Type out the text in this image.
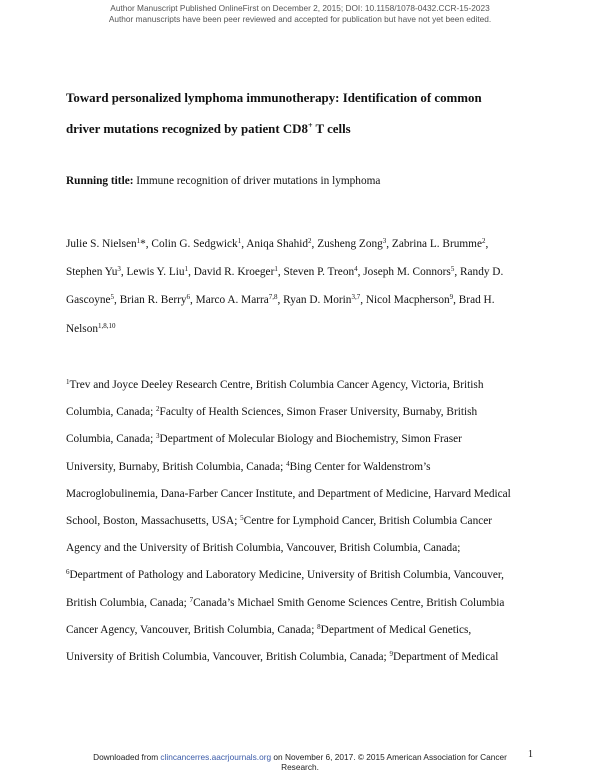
Author Manuscript Published OnlineFirst on December 2, 2015; DOI: 10.1158/1078-0432.CCR-15-2023
Author manuscripts have been peer reviewed and accepted for publication but have not yet been edited.
Toward personalized lymphoma immunotherapy: Identification of common
driver mutations recognized by patient CD8+ T cells
Running title: Immune recognition of driver mutations in lymphoma
Julie S. Nielsen$^1$*, Colin G. Sedgwick$^1$, Aniqa Shahid$^2$, Zusheng Zong$^3$, Zabrina L. Brumme$^2$,
Stephen Yu$^3$, Lewis Y. Liu$^1$, David R. Kroeger$^1$, Steven P. Treon$^4$, Joseph M. Connors$^5$, Randy D.
Gascoyne$^5$, Brian R. Berry$^6$, Marco A. Marra$^{7,8}$, Ryan D. Morin$^{3,7}$, Nicol Macpherson$^9$, Brad H.
Nelson$^{1,8,10}$
$^1$Trev and Joyce Deeley Research Centre, British Columbia Cancer Agency, Victoria, British
Columbia, Canada; $^2$Faculty of Health Sciences, Simon Fraser University, Burnaby, British
Columbia, Canada; $^3$Department of Molecular Biology and Biochemistry, Simon Fraser
University, Burnaby, British Columbia, Canada; $^4$Bing Center for Waldenstrom’s
Macroglobulinemia, Dana-Farber Cancer Institute, and Department of Medicine, Harvard Medical
School, Boston, Massachusetts, USA; $^5$Centre for Lymphoid Cancer, British Columbia Cancer
Agency and the University of British Columbia, Vancouver, British Columbia, Canada;
$^6$Department of Pathology and Laboratory Medicine, University of British Columbia, Vancouver,
British Columbia, Canada; $^7$Canada’s Michael Smith Genome Sciences Centre, British Columbia
Cancer Agency, Vancouver, British Columbia, Canada; $^8$Department of Medical Genetics,
University of British Columbia, Vancouver, British Columbia, Canada; $^9$Department of Medical
Downloaded from clincancerres.aacrjournals.org on November 6, 2017. © 2015 American Association for Cancer
Research.
1
